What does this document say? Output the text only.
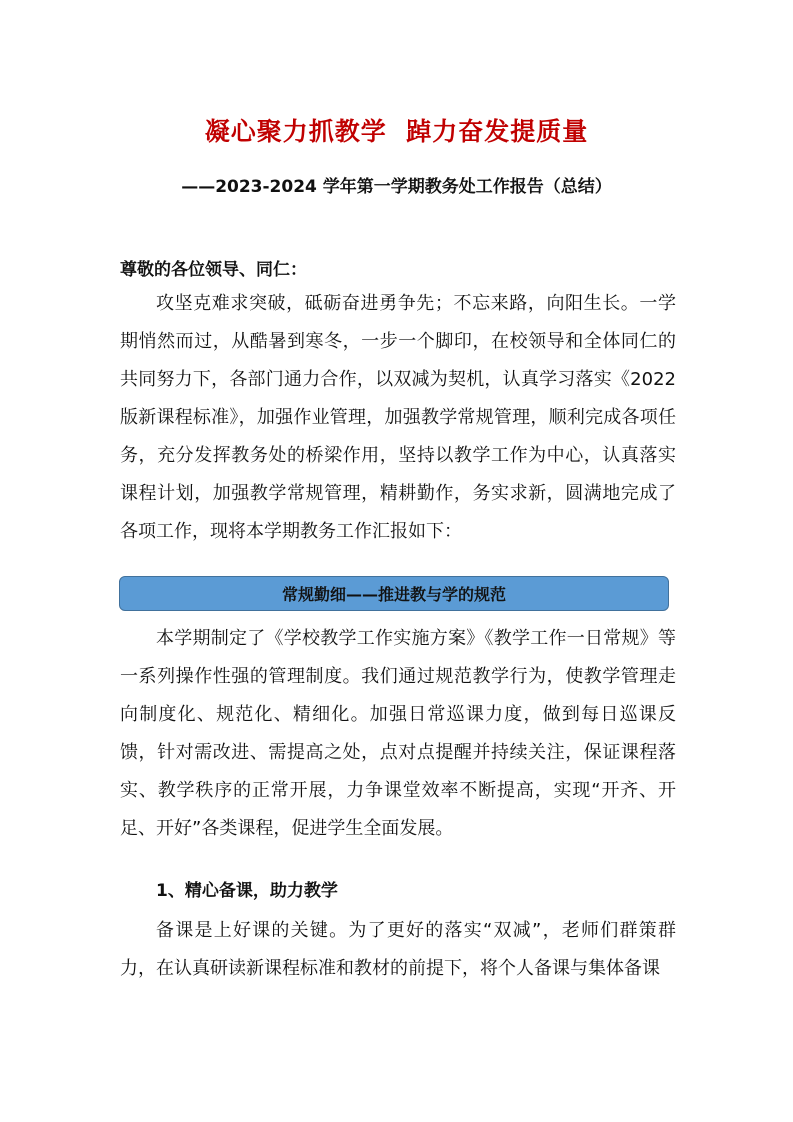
凝心聚力抓教学  踔力奋发提质量
——2023-2024 学年第一学期教务处工作报告（总结）
尊敬的各位领导、同仁：

攻坚克难求突破，砥砺奋进勇争先；不忘来路，向阳生长。一学期悄然而过，从酷暑到寒冬，一步一个脚印，在校领导和全体同仁的共同努力下，各部门通力合作，以双减为契机，认真学习落实《2022版新课程标准》，加强作业管理，加强教学常规管理，顺利完成各项任务，充分发挥教务处的桥梁作用，坚持以教学工作为中心，认真落实课程计划，加强教学常规管理，精耕勤作，务实求新，圆满地完成了各项工作，现将本学期教务工作汇报如下：

常规勤细——推进教与学的规范

本学期制定了《学校教学工作实施方案》《教学工作一日常规》等一系列操作性强的管理制度。我们通过规范教学行为，使教学管理走向制度化、规范化、精细化。加强日常巡课力度，做到每日巡课反馈，针对需改进、需提高之处，点对点提醒并持续关注，保证课程落实、教学秩序的正常开展，力争课堂效率不断提高，实现“开齐、开足、开好”各类课程，促进学生全面发展。

1、精心备课，助力教学

备课是上好课的关键。为了更好的落实“双减”，老师们群策群力，在认真研读新课程标准和教材的前提下，将个人备课与集体备课
